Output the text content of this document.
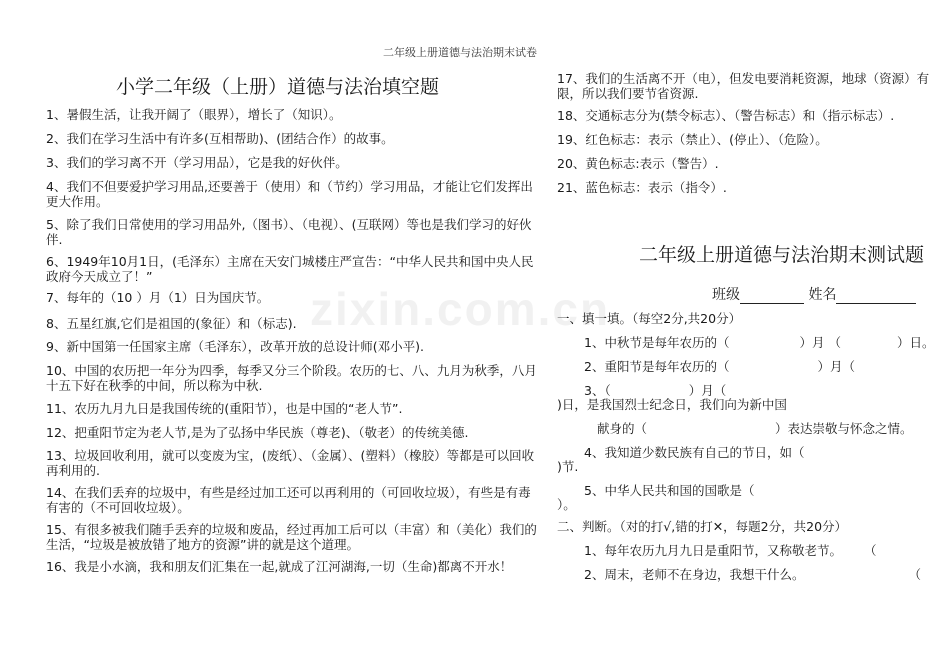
二年级上册道德与法治期末试卷
zixin.com.cn
小学二年级（上册）道德与法治填空题
1、暑假生活，让我开阔了（眼界），增长了（知识）。
2、我们在学习生活中有许多(互相帮助)、(团结合作）的故事。
3、我们的学习离不开（学习用品），它是我的好伙伴。
4、我们不但要爱护学习用品,还要善于（使用）和（节约）学习用品，才能让它们发挥出更大作用。
5、除了我们日常使用的学习用品外,（图书）、（电视）、(互联网）等也是我们学习的好伙伴.
6、1949年10月1日，(毛泽东）主席在天安门城楼庄严宣告：“中华人民共和国中央人民政府今天成立了！”
7、每年的（10 ）月（1）日为国庆节。
8、五星红旗,它们是祖国的(象征）和（标志).
9、新中国第一任国家主席（毛泽东），改革开放的总设计师(邓小平).
10、中国的农历把一年分为四季，每季又分三个阶段。农历的七、八、九月为秋季，八月十五下好在秋季的中间，所以称为中秋.
11、农历九月九日是我国传统的(重阳节），也是中国的“老人节”.
12、把重阳节定为老人节,是为了弘扬中华民族（尊老)、（敬老）的传统美德.
13、垃圾回收利用，就可以变废为宝，(废纸）、（金属）、(塑料）（橡胶）等都是可以回收再利用的.
14、在我们丢弃的垃圾中，有些是经过加工还可以再利用的（可回收垃圾），有些是有毒有害的（不可回收垃圾）。
15、有很多被我们随手丢弃的垃圾和废品，经过再加工后可以（丰富）和（美化）我们的生活，“垃圾是被放错了地方的资源”讲的就是这个道理。
16、我是小水滴，我和朋友们汇集在一起,就成了江河湖海,一切（生命)都离不开水！
17、我们的生活离不开（电），但发电要消耗资源，地球（资源）有限，所以我们要节省资源.
18、交通标志分为(禁令标志）、（警告标志）和（指示标志）.
19、红色标志：表示（禁止）、(停止）、（危险）。
20、黄色标志:表示（警告）.
21、蓝色标志：表示（指令）.
二年级上册道德与法治期末测试题
班级	姓名
一、填一填。（每空2分,共20分）
1、中秋节是每年农历的（	）月 （	）日。
2、重阳节是每年农历的（	）月（
3、（	）月（
)日，是我国烈士纪念日，我们向为新中国
献身的（	）表达崇敬与怀念之情。
4、我知道少数民族有自己的节日，如（
)节.
5、中华人民共和国的国歌是（
）。
二、判断。（对的打√,错的打✕，每题2分，共20分）
1、每年农历九月九日是重阳节，又称敬老节。 （
2、周末，老师不在身边，我想干什么。	（
